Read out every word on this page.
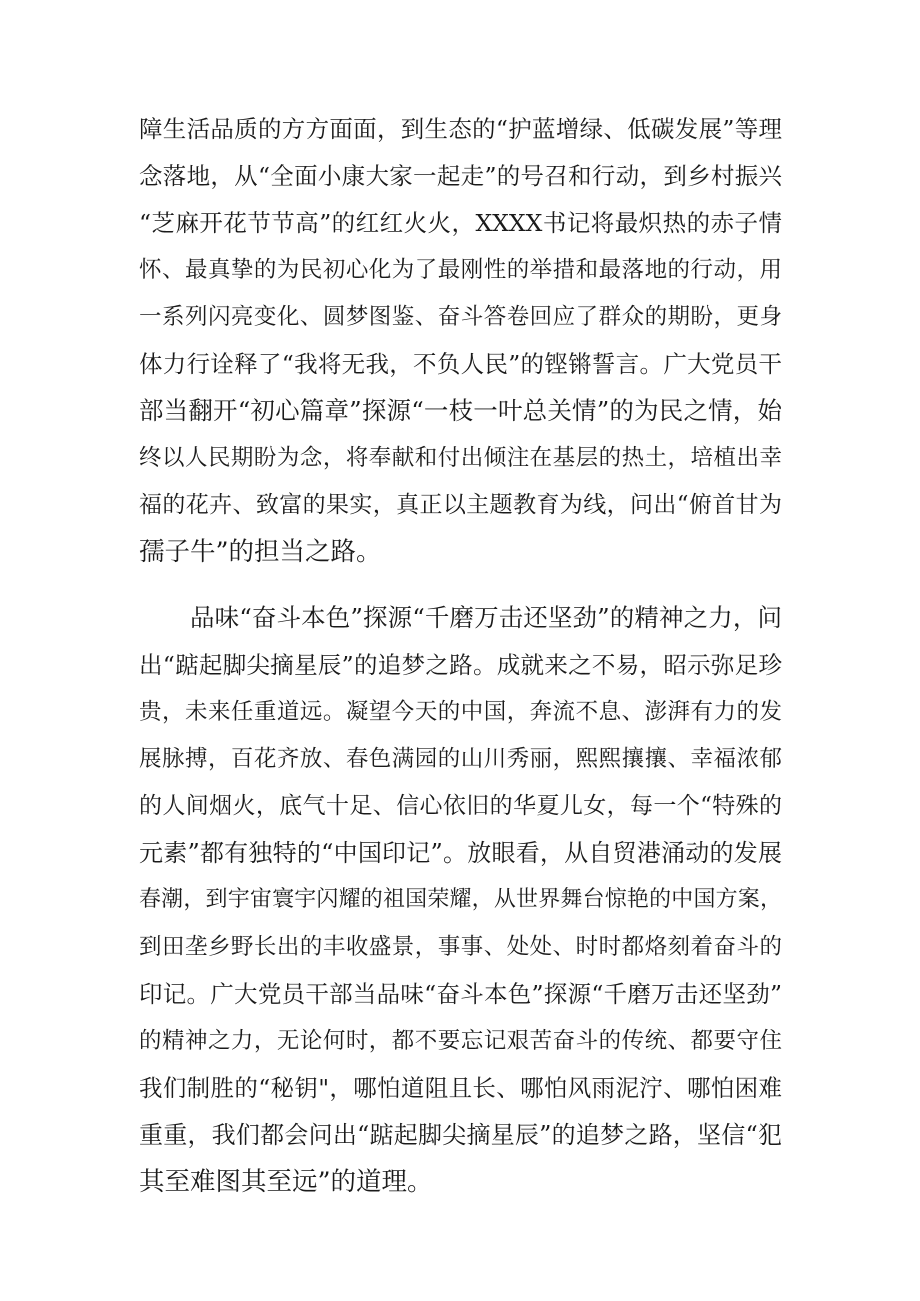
障生活品质的方方面面，到生态的“护蓝增绿、低碳发展”等理
念落地，从“全面小康大家一起走”的号召和行动，到乡村振兴
“芝麻开花节节高”的红红火火，XXXX书记将最炽热的赤子情
怀、最真挚的为民初心化为了最刚性的举措和最落地的行动，用
一系列闪亮变化、圆梦图鉴、奋斗答卷回应了群众的期盼，更身
体力行诠释了“我将无我，不负人民”的铿锵誓言。广大党员干
部当翻开“初心篇章”探源“一枝一叶总关情”的为民之情，始
终以人民期盼为念，将奉献和付出倾注在基层的热土，培植出幸
福的花卉、致富的果实，真正以主题教育为线，问出“俯首甘为
孺子牛”的担当之路。
品味“奋斗本色”探源“千磨万击还坚劲”的精神之力，问
出“踮起脚尖摘星辰”的追梦之路。成就来之不易，昭示弥足珍
贵，未来任重道远。凝望今天的中国，奔流不息、澎湃有力的发
展脉搏，百花齐放、春色满园的山川秀丽，熙熙攘攘、幸福浓郁
的人间烟火，底气十足、信心依旧的华夏儿女，每一个“特殊的
元素”都有独特的“中国印记”。放眼看，从自贸港涌动的发展
春潮，到宇宙寰宇闪耀的祖国荣耀，从世界舞台惊艳的中国方案，
到田垄乡野长出的丰收盛景，事事、处处、时时都烙刻着奋斗的
印记。广大党员干部当品味“奋斗本色”探源“千磨万击还坚劲”
的精神之力，无论何时，都不要忘记艰苦奋斗的传统、都要守住
我们制胜的“秘钥"，哪怕道阻且长、哪怕风雨泥泞、哪怕困难
重重，我们都会问出“踮起脚尖摘星辰”的追梦之路，坚信“犯
其至难图其至远”的道理。
